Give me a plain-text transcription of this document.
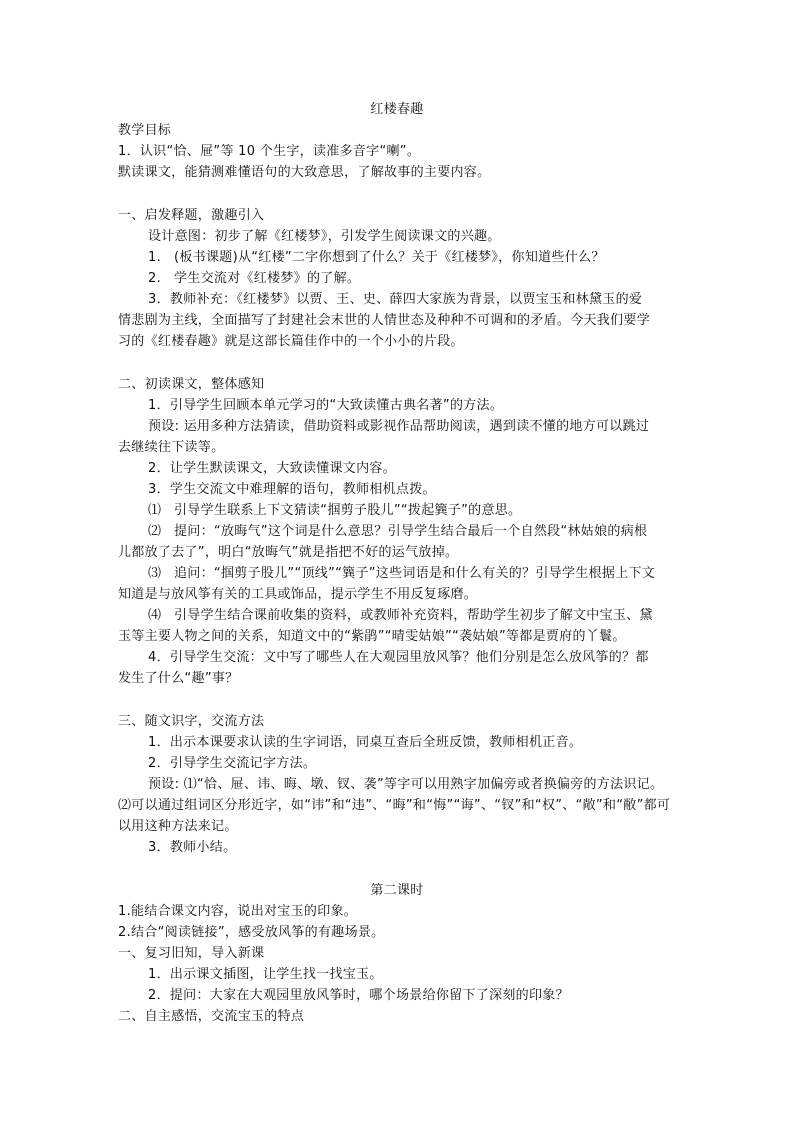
红楼春趣
教学目标
1．认识“恰、屉”等 10 个生字，读准多音字“喇”。
默读课文，能猜测难懂语句的大致意思，了解故事的主要内容。
一、启发释题，激趣引入
设计意图：初步了解《红楼梦》，引发学生阅读课文的兴趣。
1. (板书课题)从“红楼”二字你想到了什么？关于《红楼梦》，你知道些什么？
2. 学生交流对《红楼梦》的了解。
3．教师补充：《红楼梦》以贾、王、史、薛四大家族为背景，以贾宝玉和林黛玉的爱
情悲剧为主线，全面描写了封建社会末世的人情世态及种种不可调和的矛盾。今天我们要学
习的《红楼春趣》就是这部长篇佳作中的一个小小的片段。
二、初读课文，整体感知
1．引导学生回顾本单元学习的“大致读懂古典名著”的方法。
预设: 运用多种方法猜读，借助资料或影视作品帮助阅读，遇到读不懂的地方可以跳过
去继续往下读等。
2．让学生默读课文，大致读懂课文内容。
3．学生交流文中难理解的语句，教师相机点拨。
⑴ 引导学生联系上下文猜读“掴剪子股儿”“拨起簨子”的意思。
⑵ 提问：“放晦气”这个词是什么意思？引导学生结合最后一个自然段“林姑娘的病根
儿都放了去了”，明白“放晦气”就是指把不好的运气放掉。
⑶ 追问：“掴剪子股儿”“顶线”“簨子”这些词语是和什么有关的？引导学生根据上下文
知道是与放风筝有关的工具或饰品，提示学生不用反复琢磨。
⑷ 引导学生结合课前收集的资料，或教师补充资料，帮助学生初步了解文中宝玉、黛
玉等主要人物之间的关系，知道文中的“紫鹃”“晴雯姑娘”“袭姑娘”等都是贾府的丫鬟。
4．引导学生交流：文中写了哪些人在大观园里放风筝？他们分别是怎么放风筝的？都
发生了什么“趣”事？
三、随文识字，交流方法
1．出示本课要求认读的生字词语，同桌互查后全班反馈，教师相机正音。
2．引导学生交流记字方法。
预设: ⑴“恰、屉、讳、晦、墩、钗、袭”等字可以用熟字加偏旁或者换偏旁的方法识记。
⑵可以通过组词区分形近字，如“讳”和“违”、“晦”和“悔”“诲”、“钗”和“权”、“敞”和“敝”都可
以用这种方法来记。
3．教师小结。
第二课时
1.能结合课文内容，说出对宝玉的印象。
2.结合“阅读链接”，感受放风筝的有趣场景。
一、复习旧知，导入新课
1．出示课文插图，让学生找一找宝玉。
2．提问：大家在大观园里放风筝时，哪个场景给你留下了深刻的印象？
二、自主感悟，交流宝玉的特点
